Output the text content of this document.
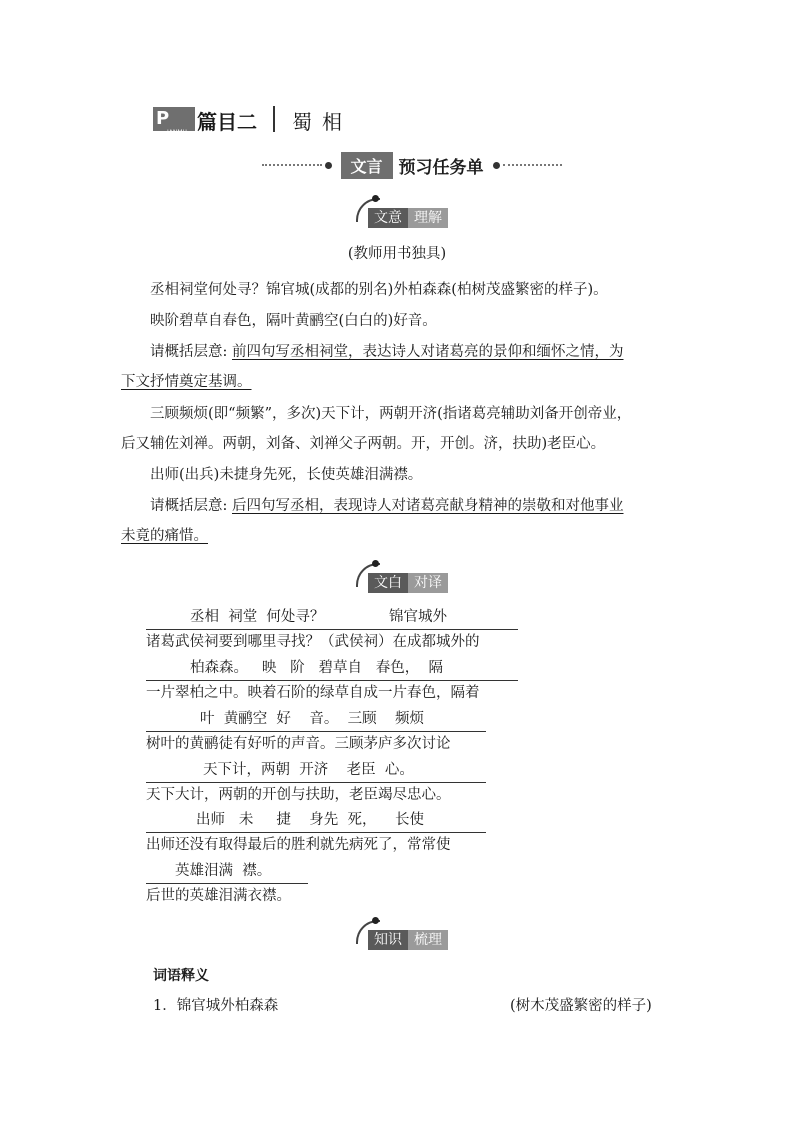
P
IANMU 篇目二 蜀相
文言 预习任务单
文意 理解
(教师用书独具)
丞相祠堂何处寻？锦官城(成都的别名)外柏森森(柏树茂盛繁密的样子)。
映阶碧草自春色，隔叶黄鹂空(白白的)好音。
请概括层意: 前四句写丞相祠堂，表达诗人对诸葛亮的景仰和缅怀之情，为
下文抒情奠定基调。
三顾频烦(即“频繁”，多次)天下计，两朝开济(指诸葛亮辅助刘备开创帝业，
后又辅佐刘禅。两朝，刘备、刘禅父子两朝。开，开创。济，扶助)老臣心。
出师(出兵)未捷身先死，长使英雄泪满襟。
请概括层意: 后四句写丞相，表现诗人对诸葛亮献身精神的崇敬和对他事业
未竟的痛惜。
文白 对译
丞相  祠堂  何处寻？              锦官城外
诸葛武侯祠要到哪里寻找？（武侯祠）在成都城外的
柏森森。   映   阶   碧草自   春色，  隔
一片翠柏之中。映着石阶的绿草自成一片春色，隔着
叶  黄鹂空  好    音。  三顾    频烦
树叶的黄鹂徒有好听的声音。三顾茅庐多次讨论
天下计，两朝  开济    老臣  心。
天下大计，两朝的开创与扶助，老臣竭尽忠心。
出师   未     捷    身先  死，    长使
出师还没有取得最后的胜利就先病死了，常常使
英雄泪满  襟。
后世的英雄泪满衣襟。
知识 梳理
词语释义
1．锦官城外柏森森	(树木茂盛繁密的样子)
